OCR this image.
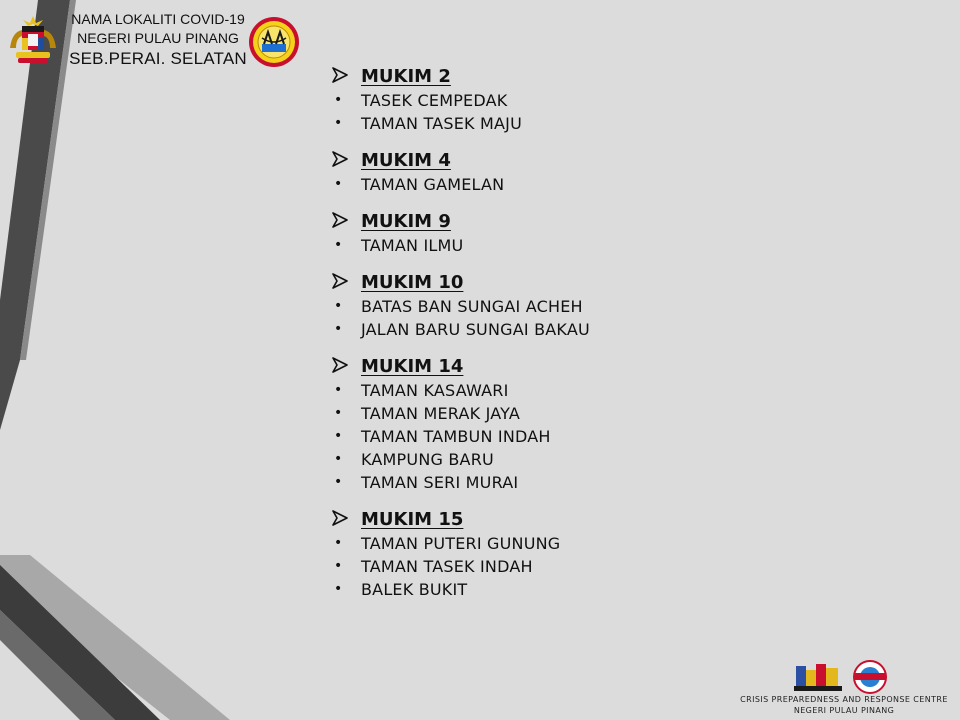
NAMA LOKALITI COVID-19
NEGERI PULAU PINANG
SEB.PERAI. SELATAN
MUKIM 2
• TASEK CEMPEDAK
• TAMAN TASEK MAJU
MUKIM 4
• TAMAN GAMELAN
MUKIM 9
• TAMAN ILMU
MUKIM 10
• BATAS BAN SUNGAI ACHEH
• JALAN BARU SUNGAI BAKAU
MUKIM 14
• TAMAN KASAWARI
• TAMAN MERAK JAYA
• TAMAN TAMBUN INDAH
• KAMPUNG BARU
• TAMAN SERI MURAI
MUKIM 15
• TAMAN PUTERI GUNUNG
• TAMAN TASEK INDAH
• BALEK BUKIT
CRISIS PREPAREDNESS AND RESPONSE CENTRE
NEGERI PULAU PINANG
